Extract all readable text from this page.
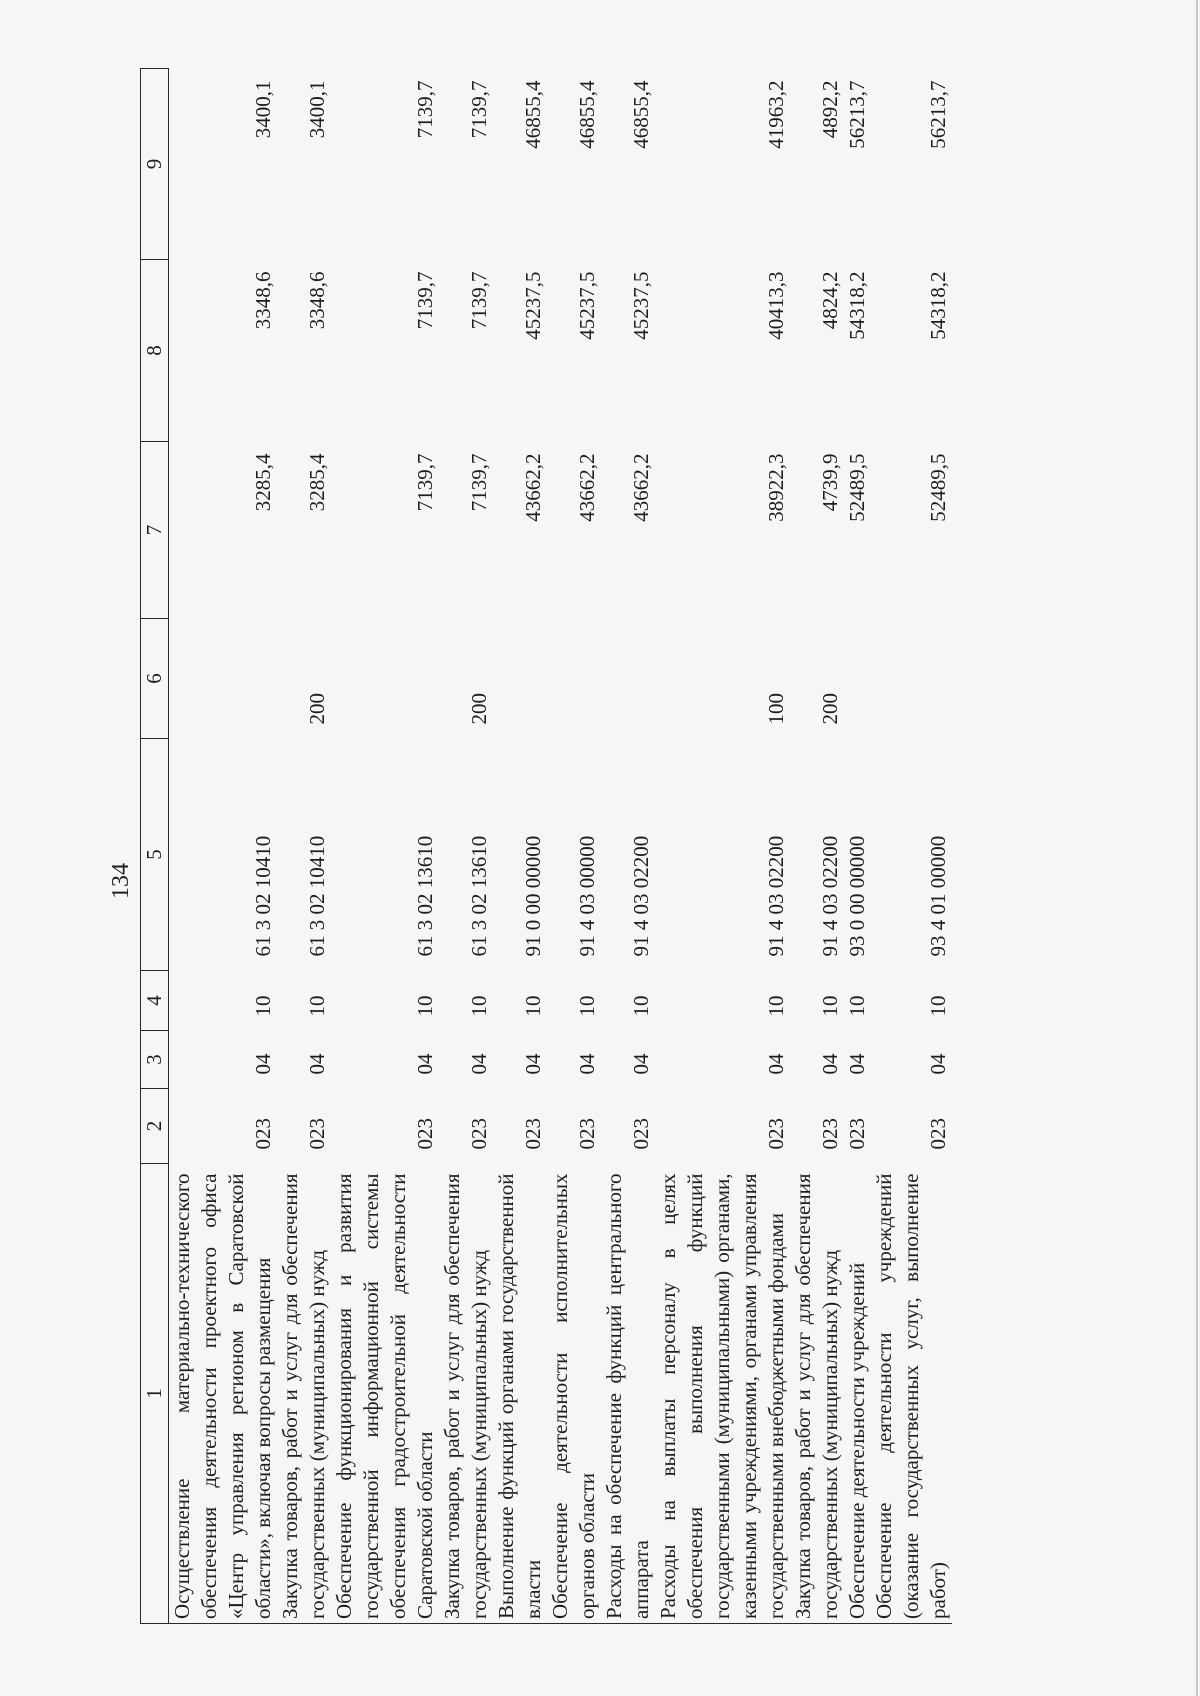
134
1	2	3	4	5	6	7	8	9
Осуществление материально-технического обеспечения деятельности проектного офиса «Центр управления регионом в Саратовской области», включая вопросы размещения	023	04	10	61 3 02 10410		3285,4	3348,6	3400,1
Закупка товаров, работ и услуг для обеспечения государственных (муниципальных) нужд	023	04	10	61 3 02 10410	200	3285,4	3348,6	3400,1
Обеспечение функционирования и развития государственной информационной системы обеспечения градостроительной деятельности Саратовской области	023	04	10	61 3 02 13610		7139,7	7139,7	7139,7
Закупка товаров, работ и услуг для обеспечения государственных (муниципальных) нужд	023	04	10	61 3 02 13610	200	7139,7	7139,7	7139,7
Выполнение функций органами государственной власти	023	04	10	91 0 00 00000		43662,2	45237,5	46855,4
Обеспечение деятельности исполнительных органов области	023	04	10	91 4 03 00000		43662,2	45237,5	46855,4
Расходы на обеспечение функций центрального аппарата	023	04	10	91 4 03 02200		43662,2	45237,5	46855,4
Расходы на выплаты персоналу в целях обеспечения выполнения функций государственными (муниципальными) органами, казенными учреждениями, органами управления государственными внебюджетными фондами	023	04	10	91 4 03 02200	100	38922,3	40413,3	41963,2
Закупка товаров, работ и услуг для обеспечения государственных (муниципальных) нужд	023	04	10	91 4 03 02200	200	4739,9	4824,2	4892,2
Обеспечение деятельности учреждений	023	04	10	93 0 00 00000		52489,5	54318,2	56213,7
Обеспечение деятельности учреждений (оказание государственных услуг, выполнение работ)	023	04	10	93 4 01 00000		52489,5	54318,2	56213,7
